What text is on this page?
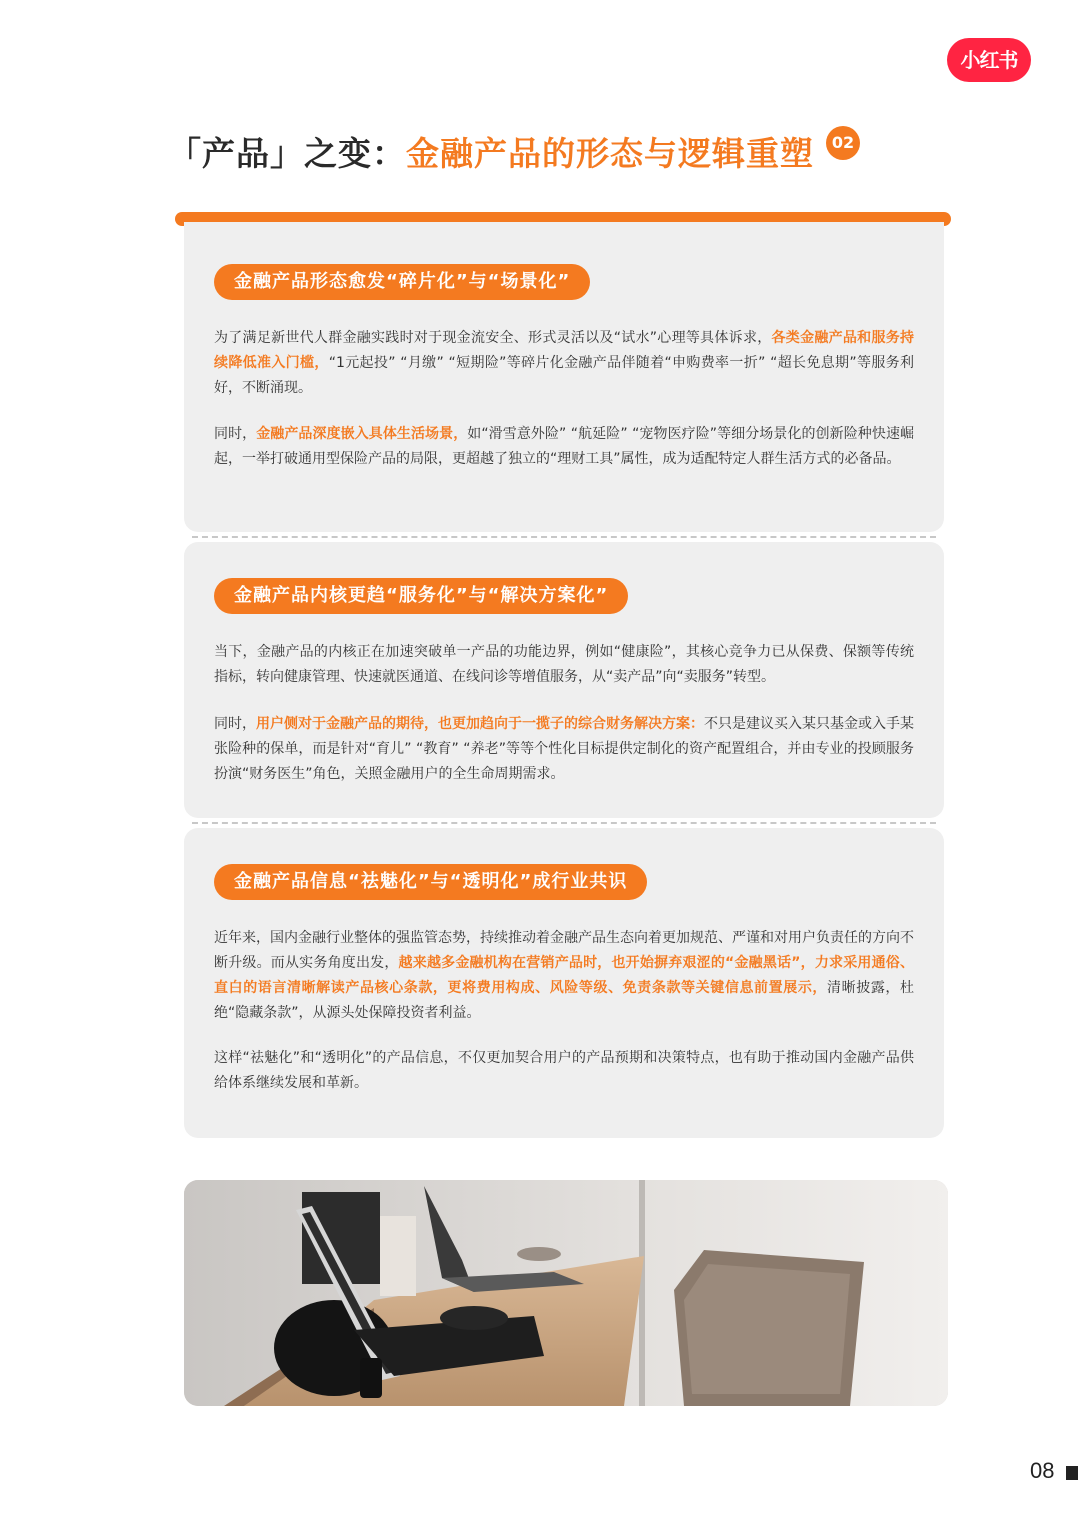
小红书
「产品」之变： 金融产品的形态与逻辑重塑	02
金融产品形态愈发“碎片化”与“场景化”
为了满足新世代人群金融实践时对于现金流安全、形式灵活以及“试水”心理等具体诉求，各类金融产品和服务持续降低准入门槛，“1元起投” “月缴” “短期险”等碎片化金融产品伴随着“申购费率一折” “超长免息期”等服务利好，不断涌现。
同时，金融产品深度嵌入具体生活场景，如“滑雪意外险” “航延险” “宠物医疗险”等细分场景化的创新险种快速崛起，一举打破通用型保险产品的局限，更超越了独立的“理财工具”属性，成为适配特定人群生活方式的必备品。
金融产品内核更趋“服务化”与“解决方案化”
当下，金融产品的内核正在加速突破单一产品的功能边界，例如“健康险”，其核心竞争力已从保费、保额等传统指标，转向健康管理、快速就医通道、在线问诊等增值服务，从“卖产品”向“卖服务”转型。
同时，用户侧对于金融产品的期待，也更加趋向于一揽子的综合财务解决方案：不只是建议买入某只基金或入手某张险种的保单，而是针对“育儿” “教育” “养老”等等个性化目标提供定制化的资产配置组合，并由专业的投顾服务扮演“财务医生”角色，关照金融用户的全生命周期需求。
金融产品信息“祛魅化”与“透明化”成行业共识
近年来，国内金融行业整体的强监管态势，持续推动着金融产品生态向着更加规范、严谨和对用户负责任的方向不断升级。而从实务角度出发，越来越多金融机构在营销产品时，也开始摒弃艰涩的“金融黑话”，力求采用通俗、直白的语言清晰解读产品核心条款，更将费用构成、风险等级、免责条款等关键信息前置展示，清晰披露，杜绝“隐藏条款”，从源头处保障投资者利益。
这样“祛魅化”和“透明化”的产品信息，不仅更加契合用户的产品预期和决策特点，也有助于推动国内金融产品供给体系继续发展和革新。
08
